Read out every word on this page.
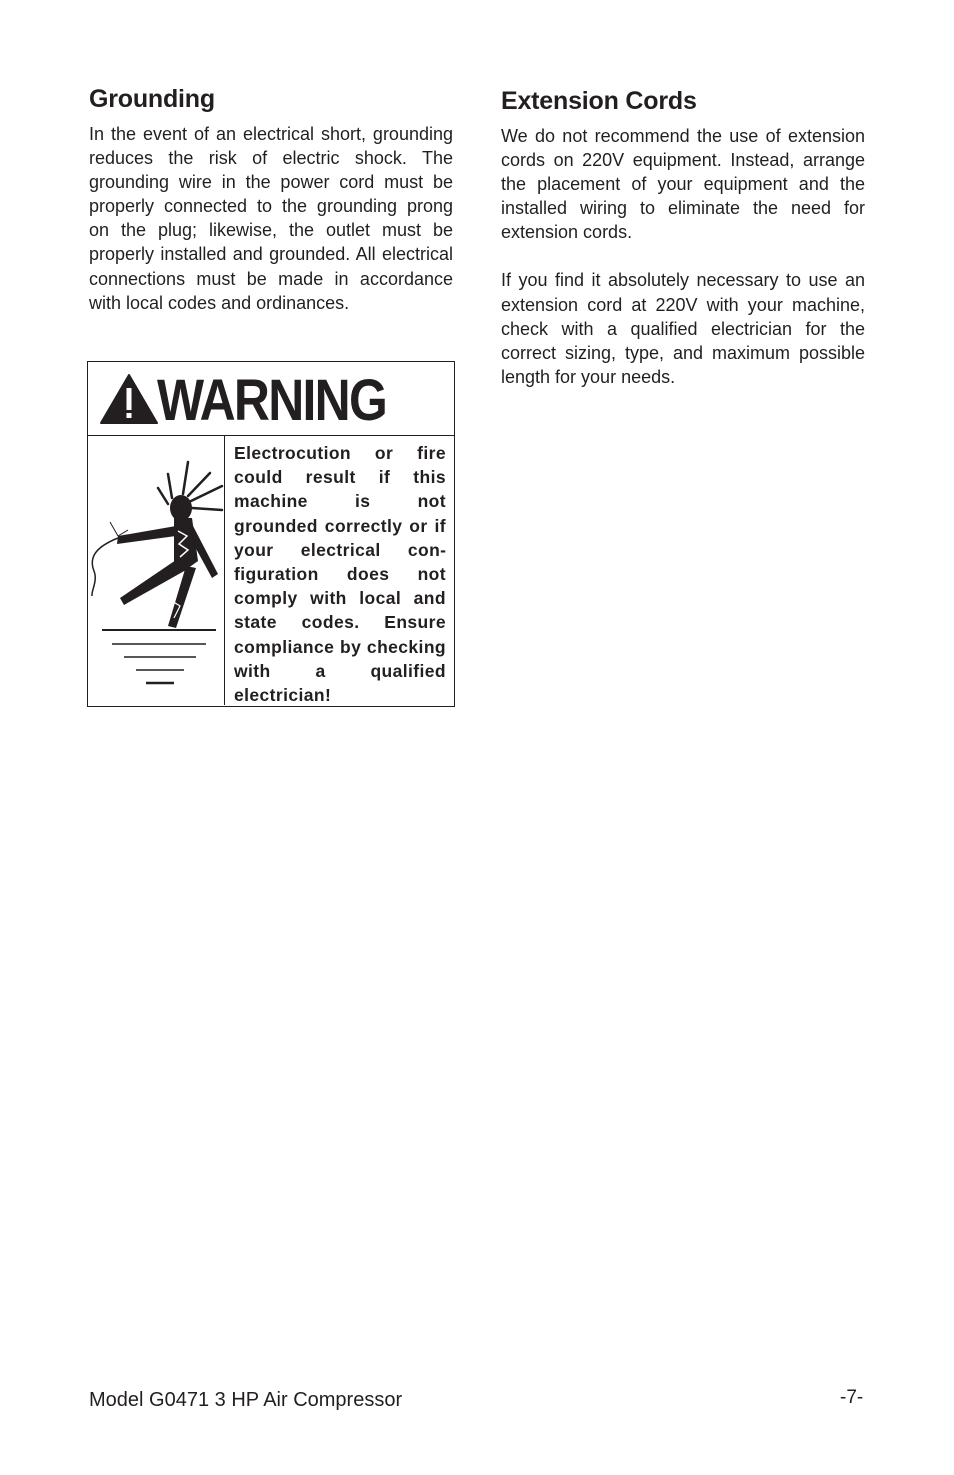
Grounding

In the event of an electrical short, grounding reduces the risk of electric shock. The grounding wire in the power cord must be properly connected to the grounding prong on the plug; likewise, the outlet must be properly installed and grounded. All electrical connections must be made in accordance with local codes and ordinances.

WARNING
Electrocution or fire could result if this machine is not grounded correctly or if your electrical configuration does not comply with local and state codes. Ensure compliance by checking with a qualified electrician!
Extension Cords

We do not recommend the use of extension cords on 220V equipment. Instead, arrange the placement of your equipment and the installed wiring to eliminate the need for extension cords.

If you find it absolutely necessary to use an extension cord at 220V with your machine, check with a qualified electrician for the correct sizing, type, and maximum possible length for your needs.

Model G0471 3 HP Air Compressor	-7-
